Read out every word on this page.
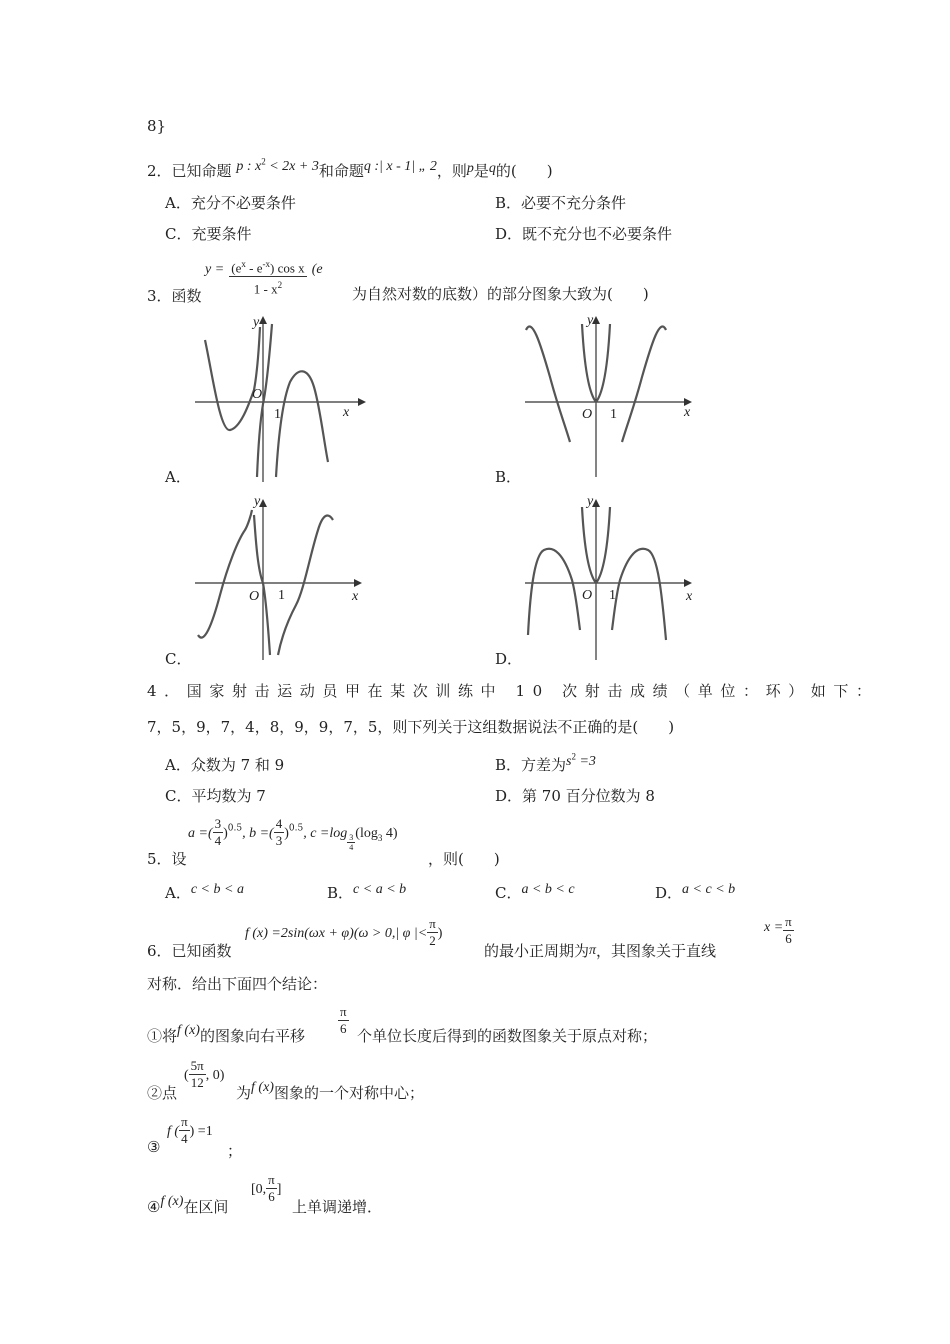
8}
2．已知命题 p : $x^2 < 2x + 3$和命题q :| x - 1| „ 2，则p是q的(　　)
A．充分不必要条件	B．必要不充分条件
C．充要条件	D．既不充分也不必要条件
3．函数
$y = \frac{(e^x - e^{-x}) \cos x}{1 - x^2} (e$
为自然对数的底数）的部分图象大致为(　　)
x
y
O
1
A．
x
y
O 1
B．
x
y
O 1
C．
x
y
O 1
D．
4．国家射击运动员甲在某次训练中 10 次射击成绩（单位：环）如下：
7，5，9，7，4，8，9，9，7，5，则下列关于这组数据说法不正确的是(　　)
A．众数为 7 和 9	B．方差为$s^2 =3$
C．平均数为 7	D．第 70 百分位数为 8
5．设
a =( $\frac{3}{4} )^{0.5}$, b =( $\frac{4}{3} )^{0.5}$, $c =\log \frac{3}{4} (\log_3$ 4)
，则(　　)
A．c < b < a	B．c < a < b	C．a < b < c	D．a < c < b
6．已知函数
f (x) =2sin(ωx + φ)(ω > 0,| φ |< $\frac{\pi}{2}$ )
的最小正周期为π，其图象关于直线
$x = \frac{\pi}{6}$
对称．给出下面四个结论：
①将f (x)的图象向右平移	$\frac{\pi}{6}$ 个单位长度后得到的函数图象关于原点对称；
②点
( $\frac{5\pi}{12}$ , 0)
为f (x)图象的一个对称中心；
③
f ( $\frac{\pi}{4}$ ) =1
；
④f (x)在区间
[0, $\frac{\pi}{6}$ ]
上单调递增．
